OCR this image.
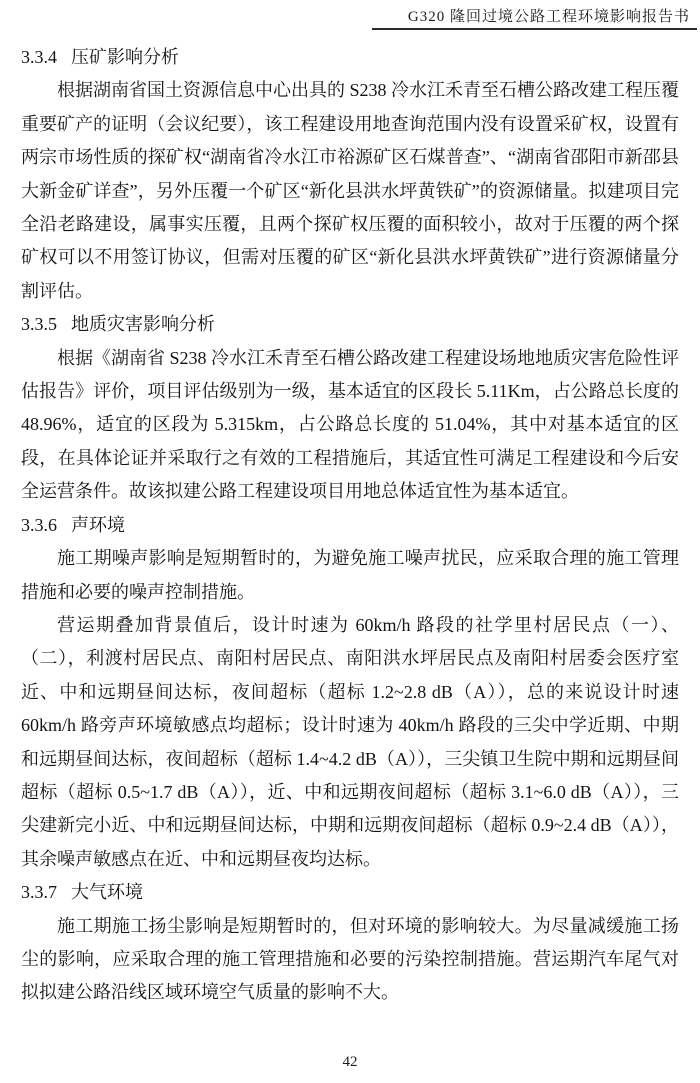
G320 隆回过境公路工程环境影响报告书
3.3.4 压矿影响分析

根据湖南省国土资源信息中心出具的 S238 冷水江禾青至石槽公路改建工程压覆重要矿产的证明（会议纪要），该工程建设用地查询范围内没有设置采矿权，设置有两宗市场性质的探矿权“湖南省冷水江市裕源矿区石煤普查”、“湖南省邵阳市新邵县大新金矿详查”，另外压覆一个矿区“新化县洪水坪黄铁矿”的资源储量。拟建项目完全沿老路建设，属事实压覆，且两个探矿权压覆的面积较小，故对于压覆的两个探矿权可以不用签订协议，但需对压覆的矿区“新化县洪水坪黄铁矿”进行资源储量分割评估。

3.3.5 地质灾害影响分析

根据《湖南省 S238 冷水江禾青至石槽公路改建工程建设场地地质灾害危险性评估报告》评价，项目评估级别为一级，基本适宜的区段长 5.11Km，占公路总长度的 48.96%，适宜的区段为 5.315km，占公路总长度的 51.04%，其中对基本适宜的区段，在具体论证并采取行之有效的工程措施后，其适宜性可满足工程建设和今后安全运营条件。故该拟建公路工程建设项目用地总体适宜性为基本适宜。

3.3.6 声环境

施工期噪声影响是短期暂时的，为避免施工噪声扰民，应采取合理的施工管理措施和必要的噪声控制措施。

营运期叠加背景值后，设计时速为 60km/h 路段的社学里村居民点（一）、（二），利渡村居民点、南阳村居民点、南阳洪水坪居民点及南阳村居委会医疗室近、中和远期昼间达标，夜间超标（超标 1.2~2.8 dB（A）），总的来说设计时速 60km/h 路旁声环境敏感点均超标；设计时速为 40km/h 路段的三尖中学近期、中期和远期昼间达标，夜间超标（超标 1.4~4.2 dB（A）），三尖镇卫生院中期和远期昼间超标（超标 0.5~1.7 dB（A）），近、中和远期夜间超标（超标 3.1~6.0 dB（A）），三尖建新完小近、中和远期昼间达标，中期和远期夜间超标（超标 0.9~2.4 dB（A）），其余噪声敏感点在近、中和远期昼夜均达标。

3.3.7 大气环境

施工期施工扬尘影响是短期暂时的，但对环境的影响较大。为尽量减缓施工扬尘的影响，应采取合理的施工管理措施和必要的污染控制措施。营运期汽车尾气对拟拟建公路沿线区域环境空气质量的影响不大。

42
